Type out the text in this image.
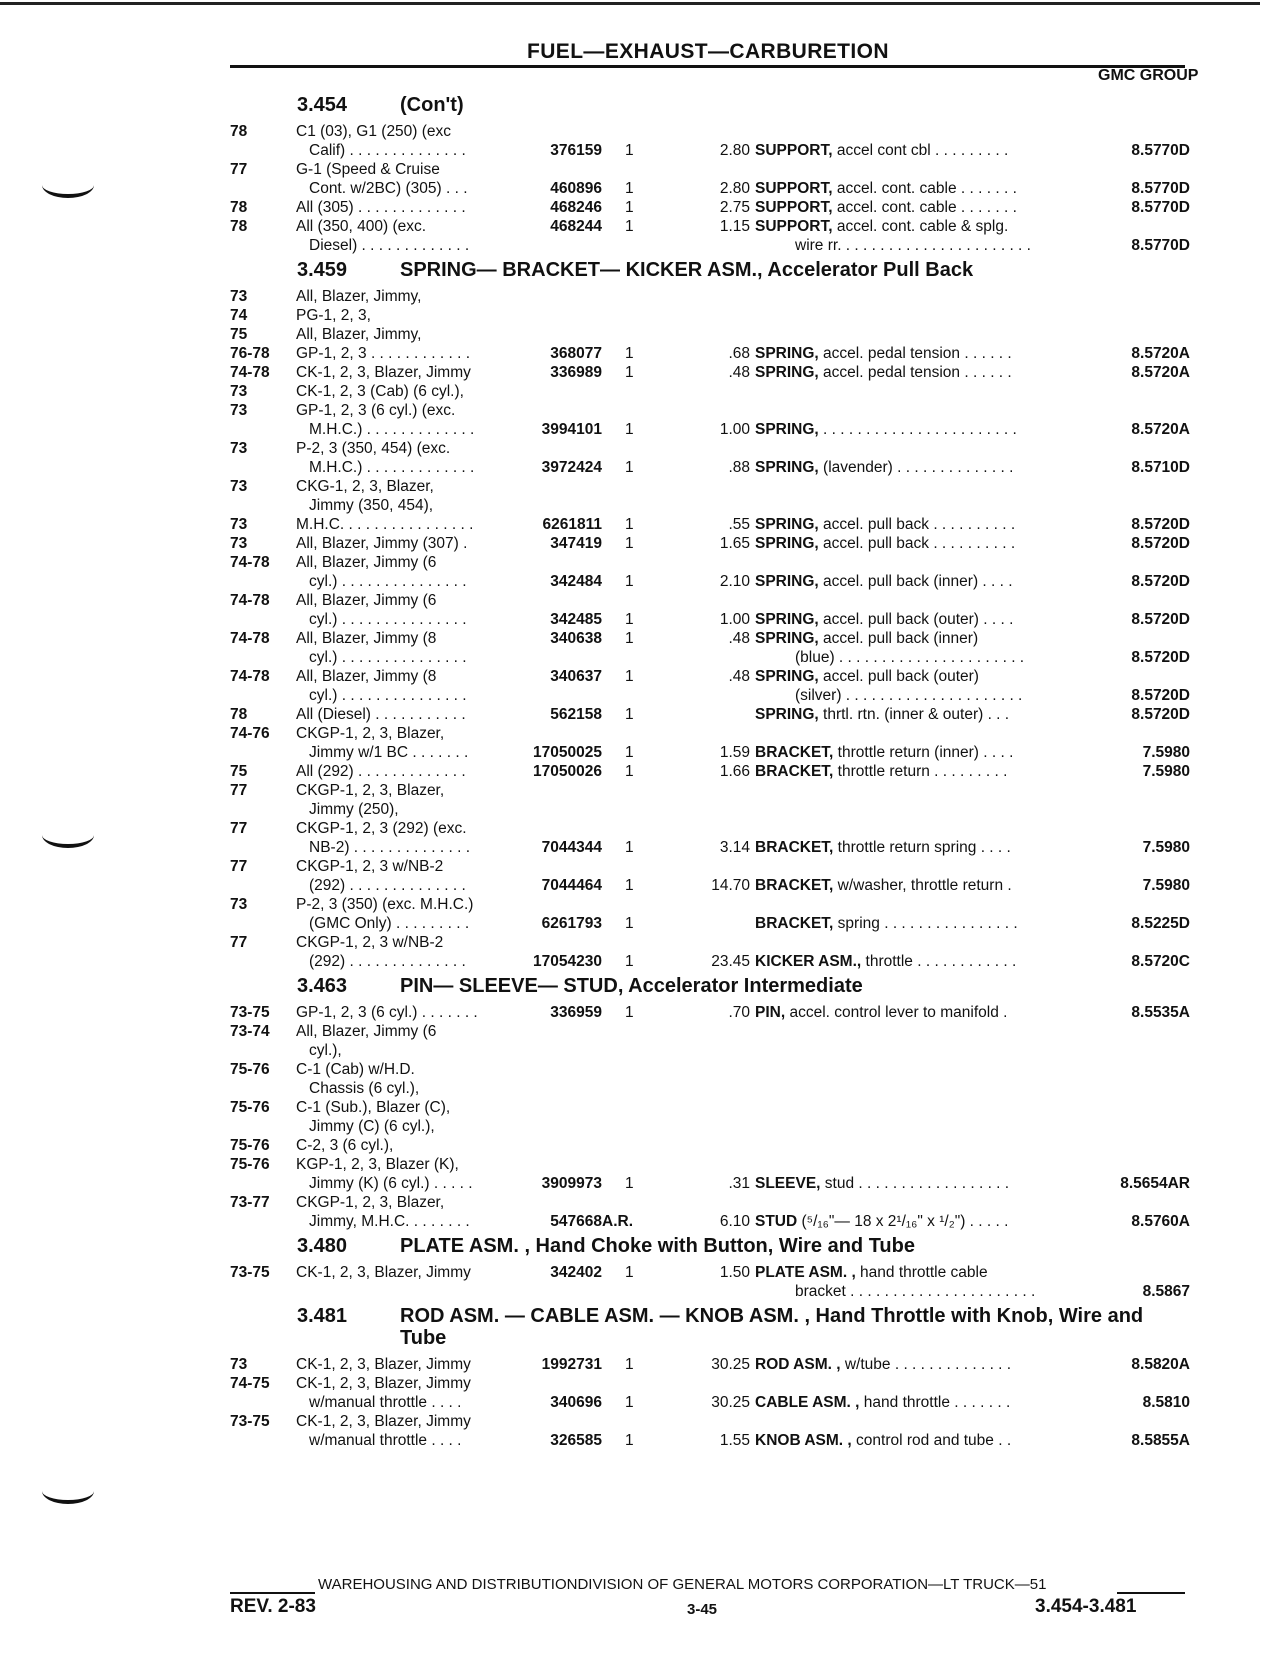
FUEL—EXHAUST—CARBURETION
GMC GROUP
3.454	(Con't)
78	C1 (03), G1 (250) (exc
Calif) . . . . . . . . . . . . . .	376159 1	2.80 SUPPORT, accel cont cbl . . . . . . . . .	8.5770D
77	G-1 (Speed & Cruise
Cont. w/2BC) (305) . . .	460896 1	2.80 SUPPORT, accel. cont. cable . . . . . . .	8.5770D
78	All (305) . . . . . . . . . . . . .	468246 1	2.75 SUPPORT, accel. cont. cable . . . . . . .	8.5770D
78	All (350, 400) (exc.
Diesel) . . . . . . . . . . . . .
468244 1	1.15 SUPPORT, accel. cont. cable & splg.
wire rr. . . . . . . . . . . . . . . . . . . . . . .	8.5770D
3.459	SPRING— BRACKET— KICKER ASM., Accelerator Pull Back
73	All, Blazer, Jimmy,
74	PG-1, 2, 3,
75	All, Blazer, Jimmy,
76-78	GP-1, 2, 3 . . . . . . . . . . . .	368077 1	.68 SPRING, accel. pedal tension . . . . . .	8.5720A
74-78	CK-1, 2, 3, Blazer, Jimmy	336989 1	.48 SPRING, accel. pedal tension . . . . . .	8.5720A
73	CK-1, 2, 3 (Cab) (6 cyl.),
73	GP-1, 2, 3 (6 cyl.) (exc.
M.H.C.) . . . . . . . . . . . . .	3994101 1	1.00 SPRING, . . . . . . . . . . . . . . . . . . . . . . .	8.5720A
73	P-2, 3 (350, 454) (exc.
M.H.C.) . . . . . . . . . . . . .	3972424 1	.88 SPRING, (lavender) . . . . . . . . . . . . . .	8.5710D
73	CKG-1, 2, 3, Blazer,
Jimmy (350, 454),
73	M.H.C. . . . . . . . . . . . . . . .	6261811 1	.55 SPRING, accel. pull back . . . . . . . . . .	8.5720D
73	All, Blazer, Jimmy (307) .	347419 1	1.65 SPRING, accel. pull back . . . . . . . . . .	8.5720D
74-78	All, Blazer, Jimmy (6
cyl.) . . . . . . . . . . . . . . .	342484 1	2.10 SPRING, accel. pull back (inner) . . . .	8.5720D
74-78	All, Blazer, Jimmy (6
cyl.) . . . . . . . . . . . . . . .	342485 1	1.00 SPRING, accel. pull back (outer) . . . .	8.5720D
74-78	All, Blazer, Jimmy (8
cyl.) . . . . . . . . . . . . . . .
340638 1	.48 SPRING, accel. pull back (inner)
(blue) . . . . . . . . . . . . . . . . . . . . . .	8.5720D
74-78	All, Blazer, Jimmy (8
cyl.) . . . . . . . . . . . . . . .
340637 1	.48 SPRING, accel. pull back (outer)
(silver) . . . . . . . . . . . . . . . . . . . . .	8.5720D
78	All (Diesel) . . . . . . . . . . .	562158 1	SPRING, thrtl. rtn. (inner & outer) . . .	8.5720D
74-76	CKGP-1, 2, 3, Blazer,
Jimmy w/1 BC . . . . . . .	17050025 1	1.59 BRACKET, throttle return (inner) . . . .	7.5980
75	All (292) . . . . . . . . . . . . .	17050026 1	1.66 BRACKET, throttle return . . . . . . . . .	7.5980
77	CKGP-1, 2, 3, Blazer,
Jimmy (250),
77	CKGP-1, 2, 3 (292) (exc.
NB-2) . . . . . . . . . . . . . .	7044344 1	3.14 BRACKET, throttle return spring . . . .	7.5980
77	CKGP-1, 2, 3 w/NB-2
(292) . . . . . . . . . . . . . .	7044464 1	14.70 BRACKET, w/washer, throttle return .	7.5980
73	P-2, 3 (350) (exc. M.H.C.)
(GMC Only) . . . . . . . . .	6261793 1	BRACKET, spring . . . . . . . . . . . . . . . .	8.5225D
77	CKGP-1, 2, 3 w/NB-2
(292) . . . . . . . . . . . . . .	17054230 1	23.45 KICKER ASM., throttle . . . . . . . . . . . .	8.5720C
3.463	PIN— SLEEVE— STUD, Accelerator Intermediate
73-75	GP-1, 2, 3 (6 cyl.) . . . . . . .	336959 1	.70 PIN, accel. control lever to manifold .	8.5535A
73-74	All, Blazer, Jimmy (6
cyl.),
75-76	C-1 (Cab) w/H.D.
Chassis (6 cyl.),
75-76	C-1 (Sub.), Blazer (C),
Jimmy (C) (6 cyl.),
75-76	C-2, 3 (6 cyl.),
75-76	KGP-1, 2, 3, Blazer (K),
Jimmy (K) (6 cyl.) . . . . .	3909973 1	.31 SLEEVE, stud . . . . . . . . . . . . . . . . . .	8.5654AR
73-77	CKGP-1, 2, 3, Blazer,
Jimmy, M.H.C. . . . . . . .	547668 A.R.	6.10 STUD (⁵/₁₆"— 18 x 2¹/₁₆" x ¹/₂") . . . . .	8.5760A
3.480	PLATE ASM. , Hand Choke with Button, Wire and Tube
73-75	CK-1, 2, 3, Blazer, Jimmy
	342402 1	1.50 PLATE ASM. , hand throttle cable
bracket . . . . . . . . . . . . . . . . . . . . . .	8.5867
3.481	ROD ASM. — CABLE ASM. — KNOB ASM. , Hand Throttle with Knob, Wire and Tube
73	CK-1, 2, 3, Blazer, Jimmy	1992731 1	30.25 ROD ASM. , w/tube . . . . . . . . . . . . . .	8.5820A
74-75	CK-1, 2, 3, Blazer, Jimmy
w/manual throttle . . . .	340696 1	30.25 CABLE ASM. , hand throttle . . . . . . .	8.5810
73-75	CK-1, 2, 3, Blazer, Jimmy
w/manual throttle . . . .	326585 1	1.55 KNOB ASM. , control rod and tube . .	8.5855A
WAREHOUSING AND DISTRIBUTIONDIVISION OF GENERAL MOTORS CORPORATION—LT TRUCK—51
REV. 2-83	3-45	3.454-3.481
